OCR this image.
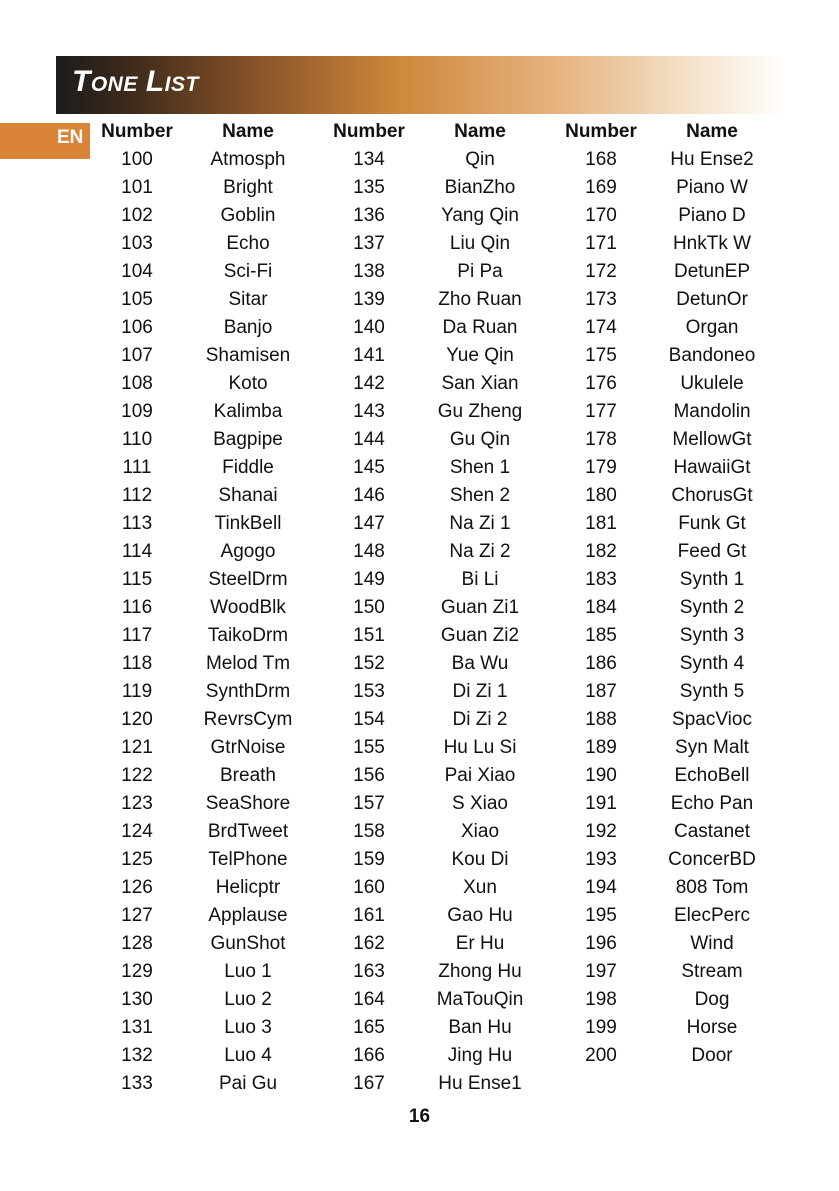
TONE LIST
EN Number	Name	Number	Name	Number	Name
100	Atmosph	134	Qin	168	Hu Ense2
101	Bright	135	BianZho	169	Piano W
102	Goblin	136	Yang Qin	170	Piano D
103	Echo	137	Liu Qin	171	HnkTk W
104	Sci-Fi	138	Pi Pa	172	DetunEP
105	Sitar	139	Zho Ruan	173	DetunOr
106	Banjo	140	Da Ruan	174	Organ
107	Shamisen	141	Yue Qin	175	Bandoneo
108	Koto	142	San Xian	176	Ukulele
109	Kalimba	143	Gu Zheng	177	Mandolin
110	Bagpipe	144	Gu Qin	178	MellowGt
111	Fiddle	145	Shen 1	179	HawaiiGt
112	Shanai	146	Shen 2	180	ChorusGt
113	TinkBell	147	Na Zi 1	181	Funk Gt
114	Agogo	148	Na Zi 2	182	Feed Gt
115	SteelDrm	149	Bi Li	183	Synth 1
116	WoodBlk	150	Guan Zi1	184	Synth 2
117	TaikoDrm	151	Guan Zi2	185	Synth 3
118	Melod Tm	152	Ba Wu	186	Synth 4
119	SynthDrm	153	Di Zi 1	187	Synth 5
120	RevrsCym	154	Di Zi 2	188	SpacVioc
121	GtrNoise	155	Hu Lu Si	189	Syn Malt
122	Breath	156	Pai Xiao	190	EchoBell
123	SeaShore	157	S Xiao	191	Echo Pan
124	BrdTweet	158	Xiao	192	Castanet
125	TelPhone	159	Kou Di	193	ConcerBD
126	Helicptr	160	Xun	194	808 Tom
127	Applause	161	Gao Hu	195	ElecPerc
128	GunShot	162	Er Hu	196	Wind
129	Luo 1	163	Zhong Hu	197	Stream
130	Luo 2	164	MaTouQin	198	Dog
131	Luo 3	165	Ban Hu	199	Horse
132	Luo 4	166	Jing Hu	200	Door
133	Pai Gu	167	Hu Ense1
16
